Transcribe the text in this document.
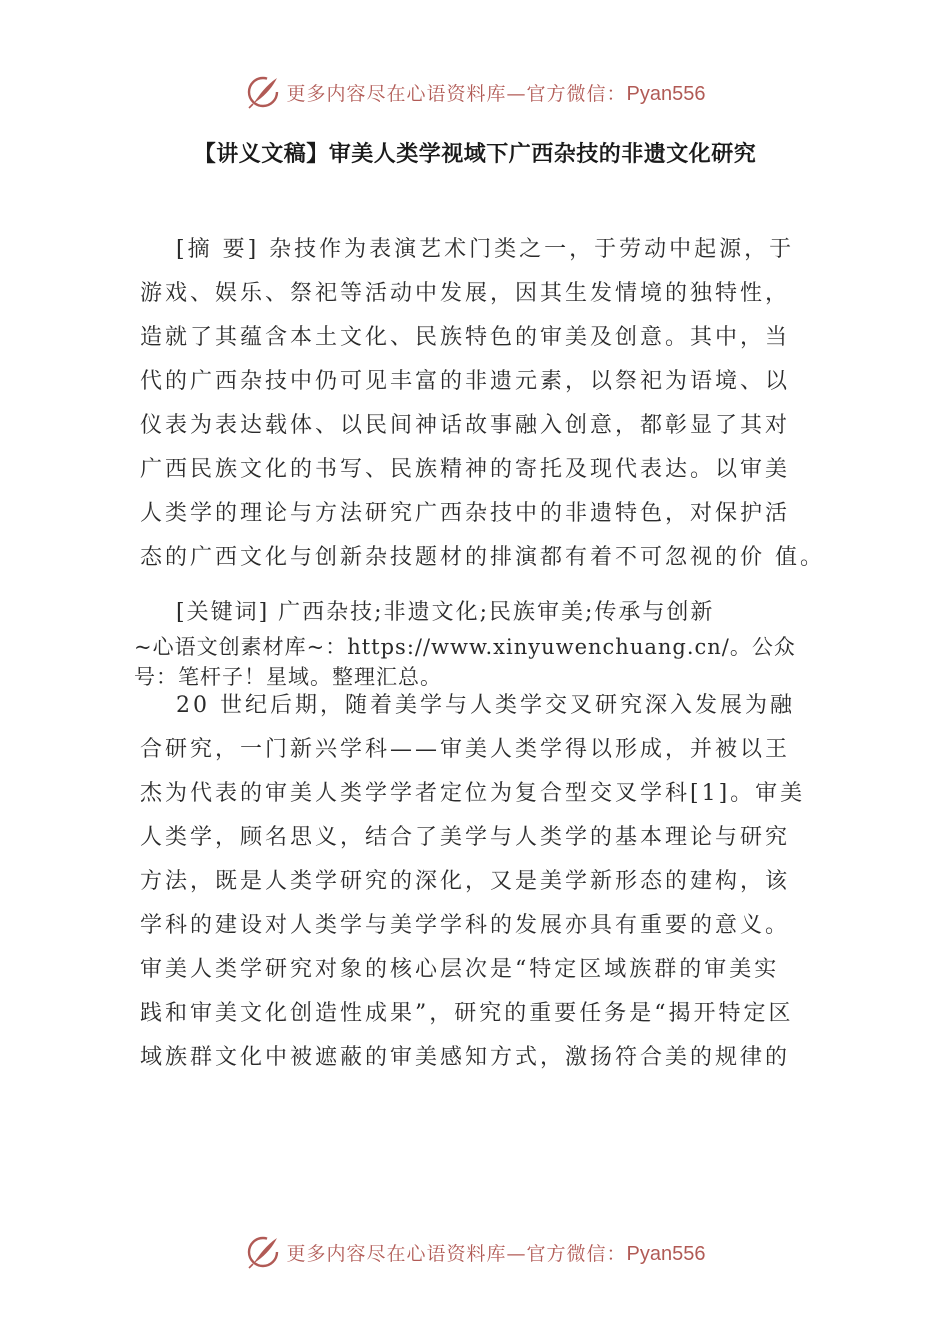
更多内容尽在心语资料库—官方微信：Pyan556
【讲义文稿】审美人类学视域下广西杂技的非遗文化研究
[摘 要] 杂技作为表演艺术门类之一，于劳动中起源，于
游戏、娱乐、祭祀等活动中发展，因其生发情境的独特性，
造就了其蕴含本土文化、民族特色的审美及创意。其中，当
代的广西杂技中仍可见丰富的非遗元素，以祭祀为语境、以
仪表为表达载体、以民间神话故事融入创意，都彰显了其对
广西民族文化的书写、民族精神的寄托及现代表达。以审美
人类学的理论与方法研究广西杂技中的非遗特色，对保护活
态的广西文化与创新杂技题材的排演都有着不可忽视的价 值。
[关键词] 广西杂技;非遗文化;民族审美;传承与创新
~心语文创素材库~：https://www.xinyuwenchuang.cn/。公众
号：笔杆子！星域。整理汇总。
20 世纪后期，随着美学与人类学交叉研究深入发展为融
合研究，一门新兴学科——审美人类学得以形成，并被以王
杰为代表的审美人类学学者定位为复合型交叉学科[1]。审美
人类学，顾名思义，结合了美学与人类学的基本理论与研究
方法，既是人类学研究的深化，又是美学新形态的建构，该
学科的建设对人类学与美学学科的发展亦具有重要的意义。
审美人类学研究对象的核心层次是“特定区域族群的审美实
践和审美文化创造性成果”，研究的重要任务是“揭开特定区
域族群文化中被遮蔽的审美感知方式，激扬符合美的规律的
更多内容尽在心语资料库—官方微信：Pyan556
